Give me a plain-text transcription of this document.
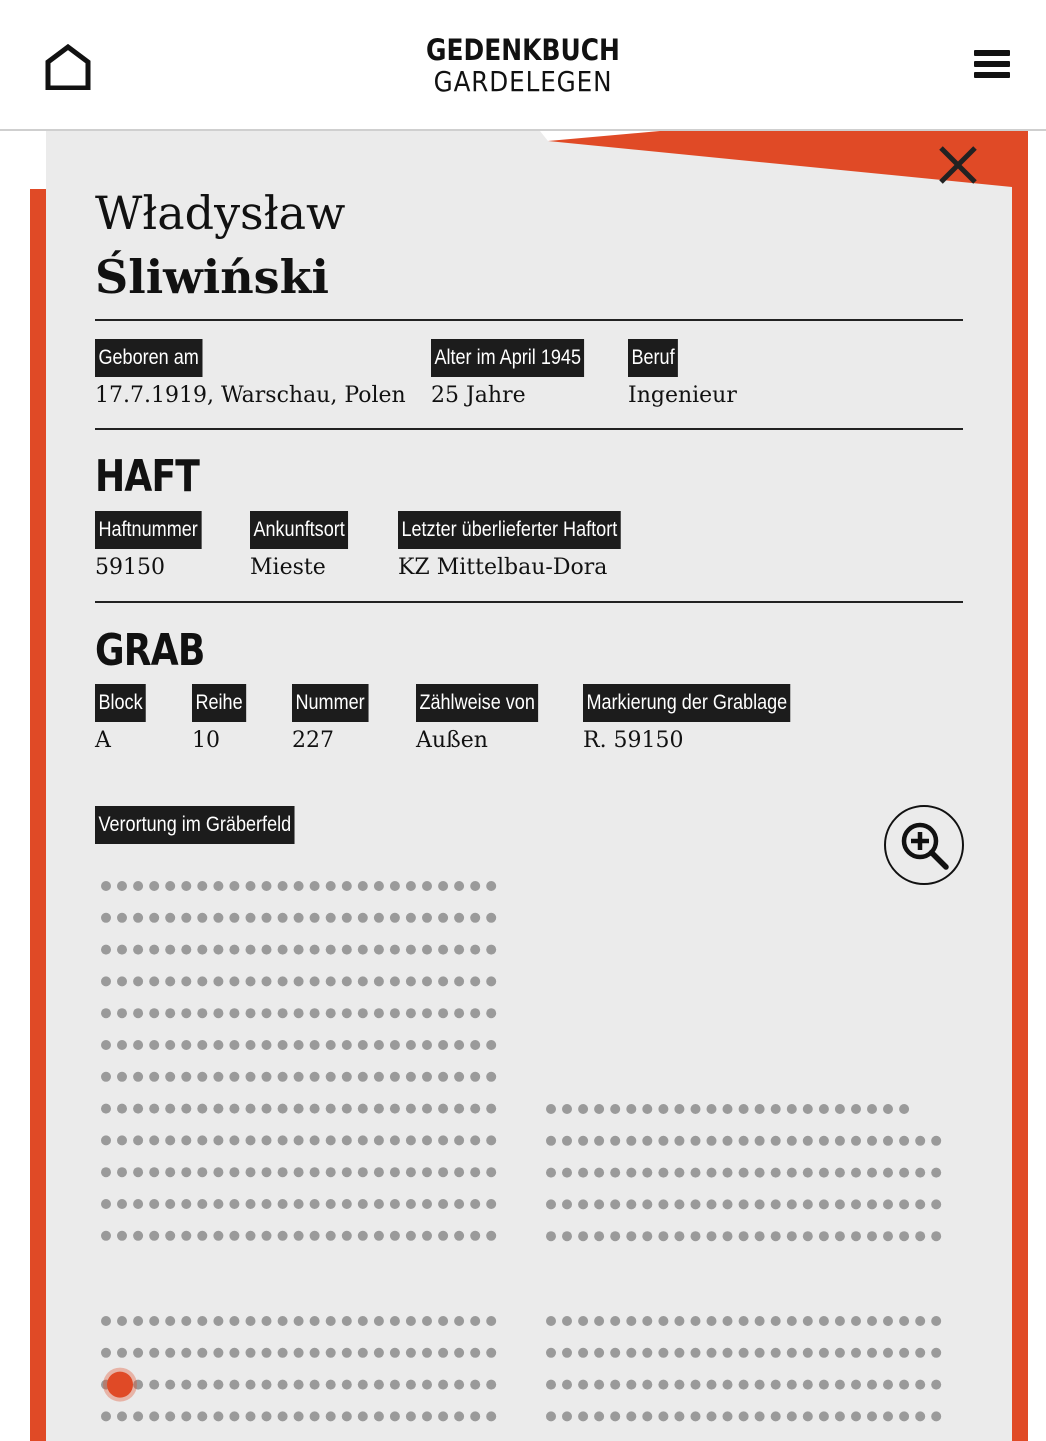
GEDENKBUCH
GARDELEGEN
Władysław
Śliwiński
Geboren am
17.7.1919, Warschau, Polen
Alter im April 1945
25 Jahre
Beruf
Ingenieur
HAFT
Haftnummer
59150
Ankunftsort
Mieste
Letzter überlieferter Haftort
KZ Mittelbau-Dora
GRAB
Block
A
Reihe
10
Nummer
227
Zählweise von
Außen
Markierung der Grablage
R. 59150
Verortung im Gräberfeld
